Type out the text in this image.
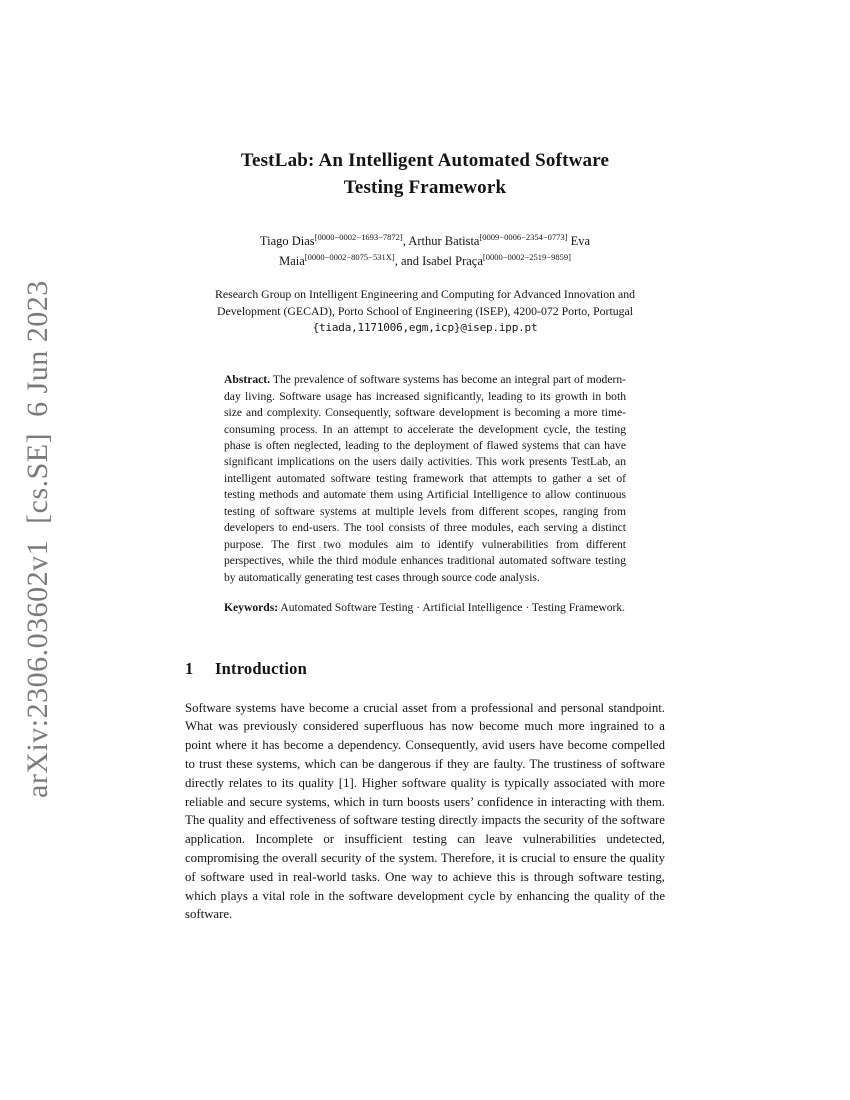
arXiv:2306.03602v1  [cs.SE]  6 Jun 2023
TestLab: An Intelligent Automated Software
Testing Framework

Tiago Dias[0000−0002−1693−7872], Arthur Batista[0009−0006−2354−0773] Eva Maia[0000−0002−8075−531X], and Isabel Praça[0000−0002−2519−9859]

Research Group on Intelligent Engineering and Computing for Advanced Innovation and Development (GECAD), Porto School of Engineering (ISEP), 4200-072 Porto, Portugal

{tiada,1171006,egm,icp}@isep.ipp.pt

Abstract. The prevalence of software systems has become an integral part of modern-day living. Software usage has increased significantly, leading to its growth in both size and complexity. Consequently, software development is becoming a more time-consuming process. In an attempt to accelerate the development cycle, the testing phase is often neglected, leading to the deployment of flawed systems that can have significant implications on the users daily activities. This work presents TestLab, an intelligent automated software testing framework that attempts to gather a set of testing methods and automate them using Artificial Intelligence to allow continuous testing of software systems at multiple levels from different scopes, ranging from developers to end-users. The tool consists of three modules, each serving a distinct purpose. The first two modules aim to identify vulnerabilities from different perspectives, while the third module enhances traditional automated software testing by automatically generating test cases through source code analysis.

Keywords: Automated Software Testing · Artificial Intelligence · Testing Framework.

1 Introduction

Software systems have become a crucial asset from a professional and personal standpoint. What was previously considered superfluous has now become much more ingrained to a point where it has become a dependency. Consequently, avid users have become compelled to trust these systems, which can be dangerous if they are faulty. The trustiness of software directly relates to its quality [1]. Higher software quality is typically associated with more reliable and secure systems, which in turn boosts users’ confidence in interacting with them. The quality and effectiveness of software testing directly impacts the security of the software application. Incomplete or insufficient testing can leave vulnerabilities undetected, compromising the overall security of the system. Therefore, it is crucial to ensure the quality of software used in real-world tasks. One way to achieve this is through software testing, which plays a vital role in the software development cycle by enhancing the quality of the software.
